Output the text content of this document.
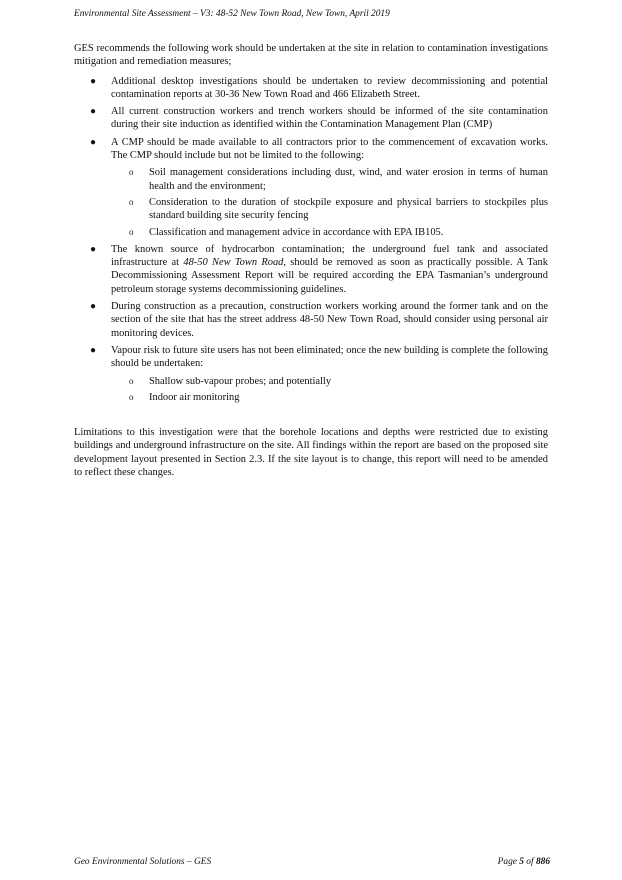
Environmental Site Assessment – V3: 48-52 New Town Road, New Town, April 2019

GES recommends the following work should be undertaken at the site in relation to contamination investigations mitigation and remediation measures;

● Additional desktop investigations should be undertaken to review decommissioning and potential contamination reports at 30-36 New Town Road and 466 Elizabeth Street.
● All current construction workers and trench workers should be informed of the site contamination during their site induction as identified within the Contamination Management Plan (CMP)
● A CMP should be made available to all contractors prior to the commencement of excavation works. The CMP should include but not be limited to the following:
o Soil management considerations including dust, wind, and water erosion in terms of human health and the environment;
o Consideration to the duration of stockpile exposure and physical barriers to stockpiles plus standard building site security fencing
o Classification and management advice in accordance with EPA IB105.
● The known source of hydrocarbon contamination; the underground fuel tank and associated infrastructure at 48-50 New Town Road, should be removed as soon as practically possible. A Tank Decommissioning Assessment Report will be required according the EPA Tasmanian’s underground petroleum storage systems decommissioning guidelines.
● During construction as a precaution, construction workers working around the former tank and on the section of the site that has the street address 48-50 New Town Road, should consider using personal air monitoring devices.
● Vapour risk to future site users has not been eliminated; once the new building is complete the following should be undertaken:
o Shallow sub-vapour probes; and potentially
o Indoor air monitoring

Limitations to this investigation were that the borehole locations and depths were restricted due to existing buildings and underground infrastructure on the site. All findings within the report are based on the proposed site development layout presented in Section 2.3. If the site layout is to change, this report will need to be amended to reflect these changes.

Geo Environmental Solutions – GES	Page 5 of 886
